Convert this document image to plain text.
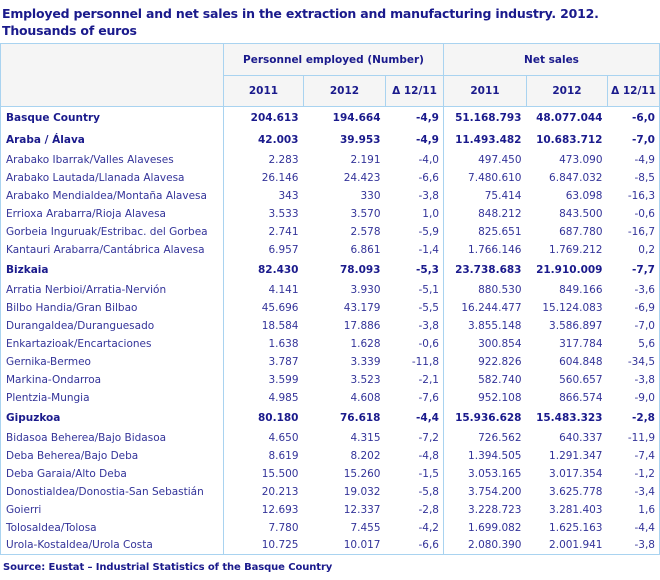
Employed personnel and net sales in the extraction and manufacturing industry. 2012.
Thousands of euros
	Personnel employed (Number)			Net sales		
	2011	2012	Δ 12/11	2011	2012	Δ 12/11
Basque Country	204.613	194.664	-4,9	51.168.793	48.077.044	-6,0
Araba / Álava	42.003	39.953	-4,9	11.493.482	10.683.712	-7,0
Arabako Ibarrak/Valles Alaveses	2.283	2.191	-4,0	497.450	473.090	-4,9
Arabako Lautada/Llanada Alavesa	26.146	24.423	-6,6	7.480.610	6.847.032	-8,5
Arabako Mendialdea/Montaña Alavesa	343	330	-3,8	75.414	63.098	-16,3
Errioxa Arabarra/Rioja Alavesa	3.533	3.570	1,0	848.212	843.500	-0,6
Gorbeia Inguruak/Estribac. del Gorbea	2.741	2.578	-5,9	825.651	687.780	-16,7
Kantauri Arabarra/Cantábrica Alavesa	6.957	6.861	-1,4	1.766.146	1.769.212	0,2
Bizkaia	82.430	78.093	-5,3	23.738.683	21.910.009	-7,7
Arratia Nerbioi/Arratia-Nervión	4.141	3.930	-5,1	880.530	849.166	-3,6
Bilbo Handia/Gran Bilbao	45.696	43.179	-5,5	16.244.477	15.124.083	-6,9
Durangaldea/Duranguesado	18.584	17.886	-3,8	3.855.148	3.586.897	-7,0
Enkartazioak/Encartaciones	1.638	1.628	-0,6	300.854	317.784	5,6
Gernika-Bermeo	3.787	3.339	-11,8	922.826	604.848	-34,5
Markina-Ondarroa	3.599	3.523	-2,1	582.740	560.657	-3,8
Plentzia-Mungia	4.985	4.608	-7,6	952.108	866.574	-9,0
Gipuzkoa	80.180	76.618	-4,4	15.936.628	15.483.323	-2,8
Bidasoa Beherea/Bajo Bidasoa	4.650	4.315	-7,2	726.562	640.337	-11,9
Deba Beherea/Bajo Deba	8.619	8.202	-4,8	1.394.505	1.291.347	-7,4
Deba Garaia/Alto Deba	15.500	15.260	-1,5	3.053.165	3.017.354	-1,2
Donostialdea/Donostia-San Sebastián	20.213	19.032	-5,8	3.754.200	3.625.778	-3,4
Goierri	12.693	12.337	-2,8	3.228.723	3.281.403	1,6
Tolosaldea/Tolosa	7.780	7.455	-4,2	1.699.082	1.625.163	-4,4
Urola-Kostaldea/Urola Costa	10.725	10.017	-6,6	2.080.390	2.001.941	-3,8
Source: Eustat – Industrial Statistics of the Basque Country
